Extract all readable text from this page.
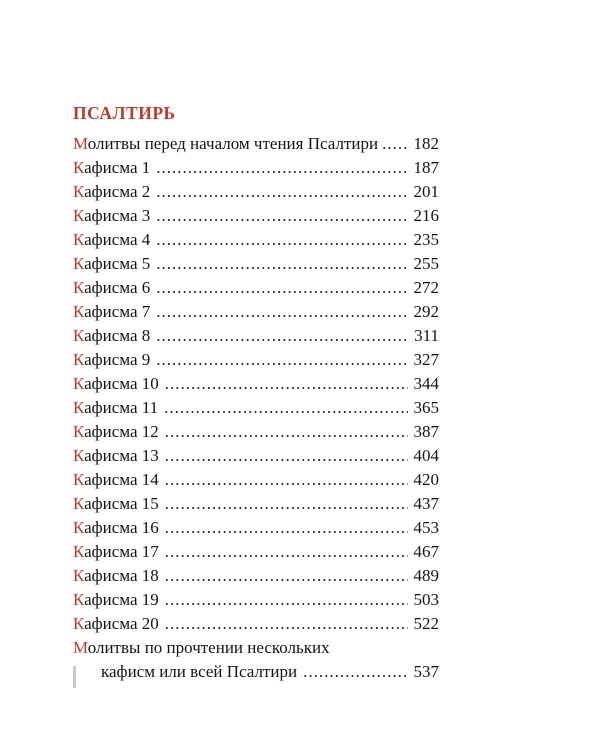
ПСАЛТИРЬ
Молитвы перед началом чтения Псалтири ..... 182
Кафисма 1 .....	187
Кафисма 2 .....	201
Кафисма 3 .....	216
Кафисма 4 .....	235
Кафисма 5 .....	255
Кафисма 6 .....	272
Кафисма 7 .....	292
Кафисма 8 .....	311
Кафисма 9 .....	327
Кафисма 10 .....	344
Кафисма 11 .....	365
Кафисма 12 .....	387
Кафисма 13 .....	404
Кафисма 14 .....	420
Кафисма 15 .....	437
Кафисма 16 .....	453
Кафисма 17 .....	467
Кафисма 18 .....	489
Кафисма 19 .....	503
Кафисма 20 .....	522
Молитвы по прочтении нескольких
кафисм или всей Псалтири .....	537
